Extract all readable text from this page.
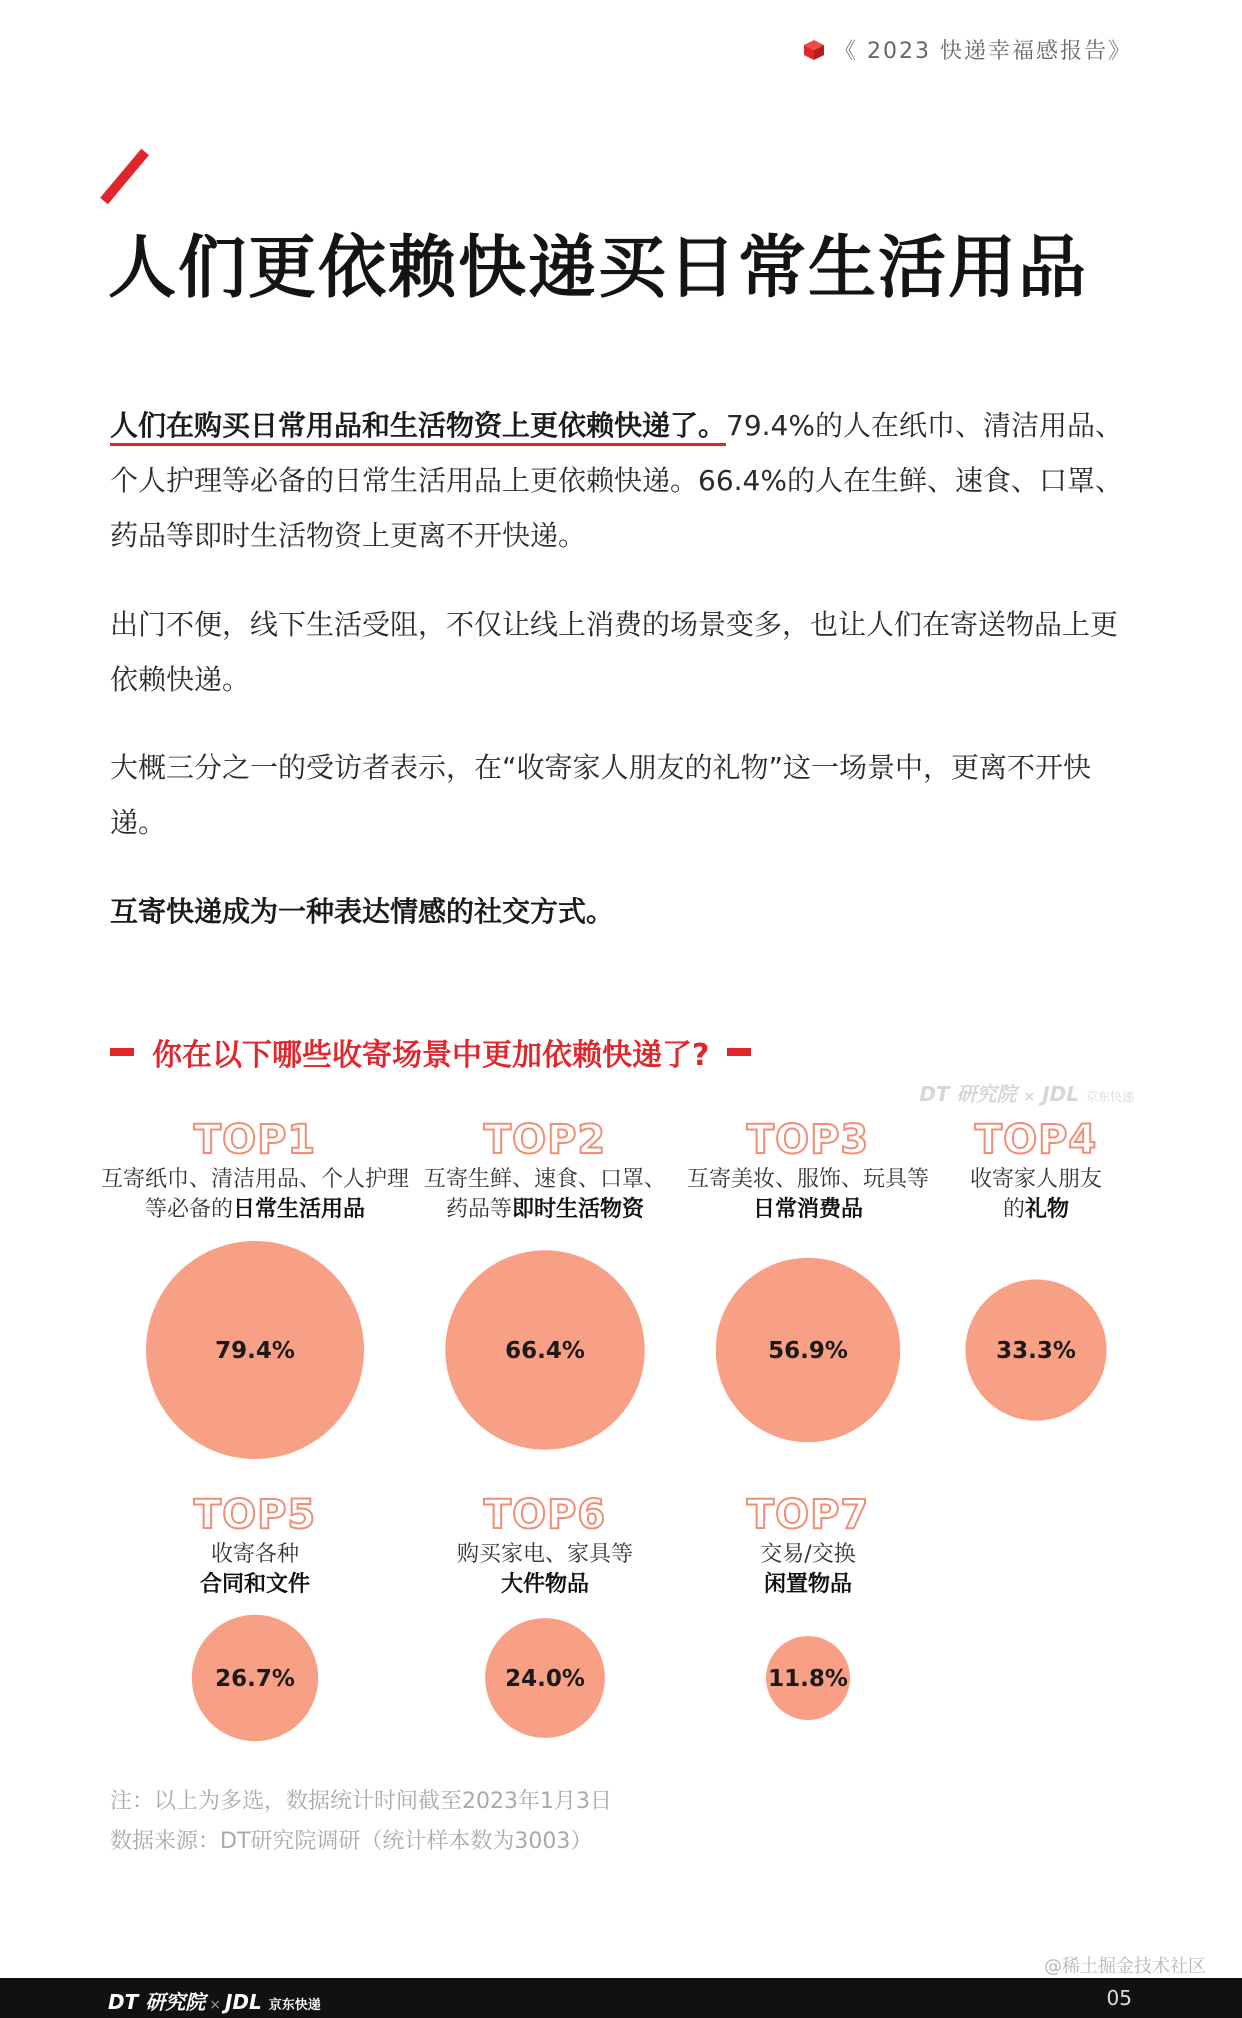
《 2023 快递幸福感报告》
人们更依赖快递买日常生活用品

人们在购买日常用品和生活物资上更依赖快递了。79.4%的人在纸巾、清洁用品、个人护理等必备的日常生活用品上更依赖快递。66.4%的人在生鲜、速食、口罩、药品等即时生活物资上更离不开快递。

出门不便，线下生活受阻，不仅让线上消费的场景变多，也让人们在寄送物品上更依赖快递。

大概三分之一的受访者表示，在“收寄家人朋友的礼物”这一场景中，更离不开快递。

互寄快递成为一种表达情感的社交方式。

你在以下哪些收寄场景中更加依赖快递了?
DT 研究院 × JDL 京东快递
TOP1
互寄纸巾、清洁用品、个人护理
等必备的日常生活用品
TOP2
互寄生鲜、速食、口罩、
药品等即时生活物资
TOP3
互寄美妆、服饰、玩具等
日常消费品
TOP4
收寄家人朋友
的礼物
TOP5
收寄各种
合同和文件
TOP6
购买家电、家具等
大件物品
TOP7
交易/交换
闲置物品
79.4%	66.4%	56.9%	33.3%
26.7%	24.0%	11.8%
注：以上为多选，数据统计时间截至2023年1月3日
数据来源：DT研究院调研（统计样本数为3003）
@稀土掘金技术社区
DT 研究院 × JDL 京东快递	05
